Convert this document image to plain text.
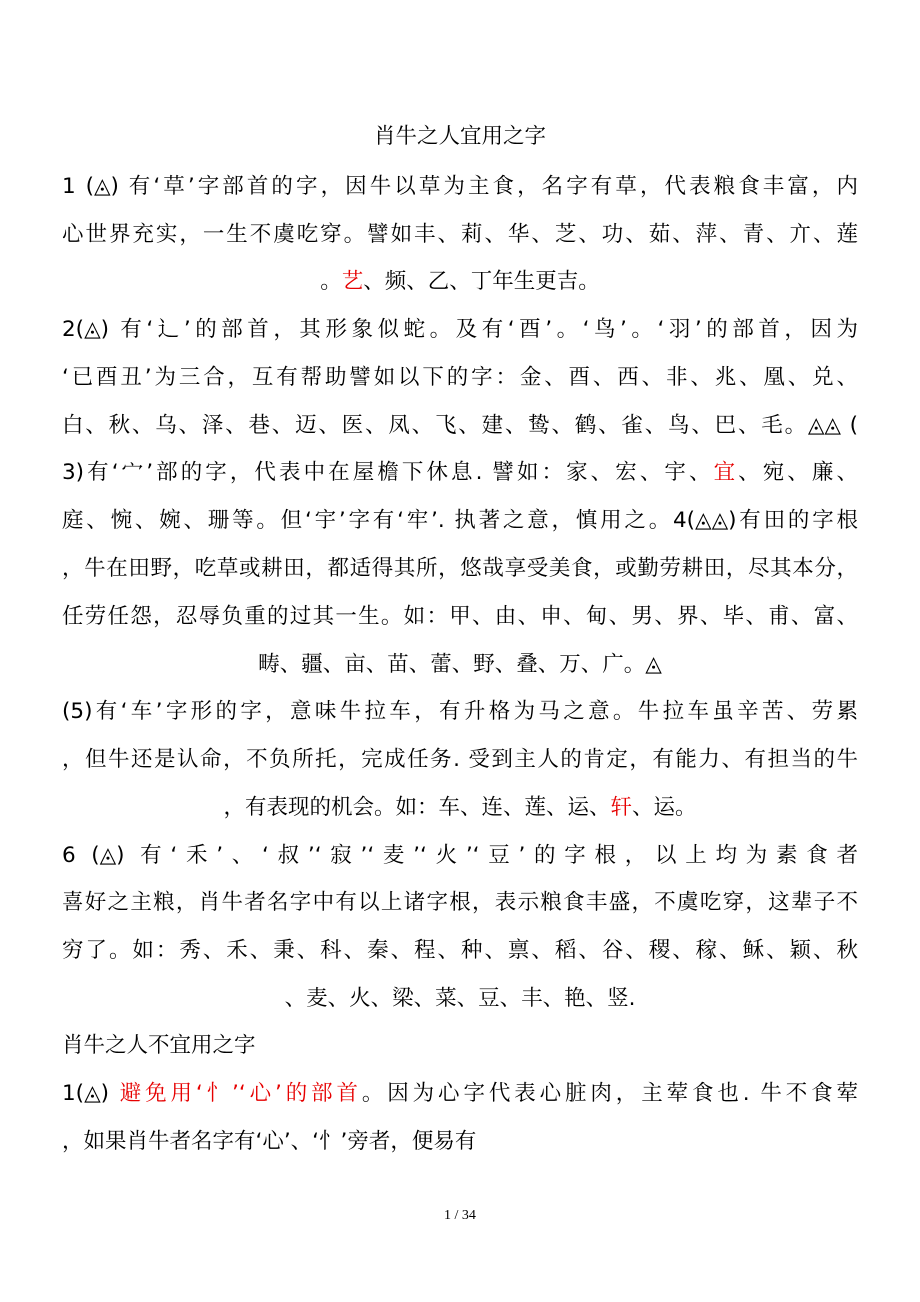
肖牛之人宜用之字
1 (◬) 有‘草’字部首的字，因牛以草为主食，名字有草，代表粮食丰富，内
心世界充实，一生不虞吃穿。譬如丰、莉、华、芝、功、茹、萍、青、亣、莲
。艺、频、乙、丁年生更吉。
2(◬) 有‘辶’的部首，其形象似蛇。及有‘酉’。‘鸟’。‘羽’的部首，因为
‘已酉丑’为三合，互有帮助譬如以下的字：金、酉、西、非、兆、凰、兑、
白、秋、乌、泽、巷、迈、医、凤、飞、建、鸷、鹤、雀、鸟、巴、毛。◬◬ (
3)有‘宀’部的字，代表中在屋檐下休息. 譬如：家、宏、宇、宜、宛、廉、
庭、惋、婉、珊等。但‘宇’字有‘牢’. 执著之意，慎用之。4(◬◬)有田的字根
，牛在田野，吃草或耕田，都适得其所，悠哉享受美食，或勤劳耕田，尽其本分，
任劳任怨，忍辱负重的过其一生。如：甲、由、申、甸、男、界、毕、甫、富、
畴、疆、亩、苗、蕾、野、叠、万、广。◬
(5)有‘车’字形的字，意味牛拉车，有升格为马之意。牛拉车虽辛苦、劳累
，但牛还是认命，不负所托，完成任务. 受到主人的肯定，有能力、有担当的牛
，有表现的机会。如：车、连、莲、运、轩、运。
6 (◬) 有‘禾’、‘叔’‘寂’‘麦’‘火’‘豆’的字根，以上均为素食者
喜好之主粮，肖牛者名字中有以上诸字根，表示粮食丰盛，不虞吃穿，这辈子不
穷了。如：秀、禾、秉、科、秦、程、种、禀、稻、谷、稷、稼、稣、颖、秋
、麦、火、梁、菜、豆、丰、艳、竖.
肖牛之人不宜用之字
1(◬) 避免用‘忄’‘心’的部首。因为心字代表心脏肉，主荤食也. 牛不食荤
，如果肖牛者名字有‘心’、‘忄’旁者，便易有
1 / 34
